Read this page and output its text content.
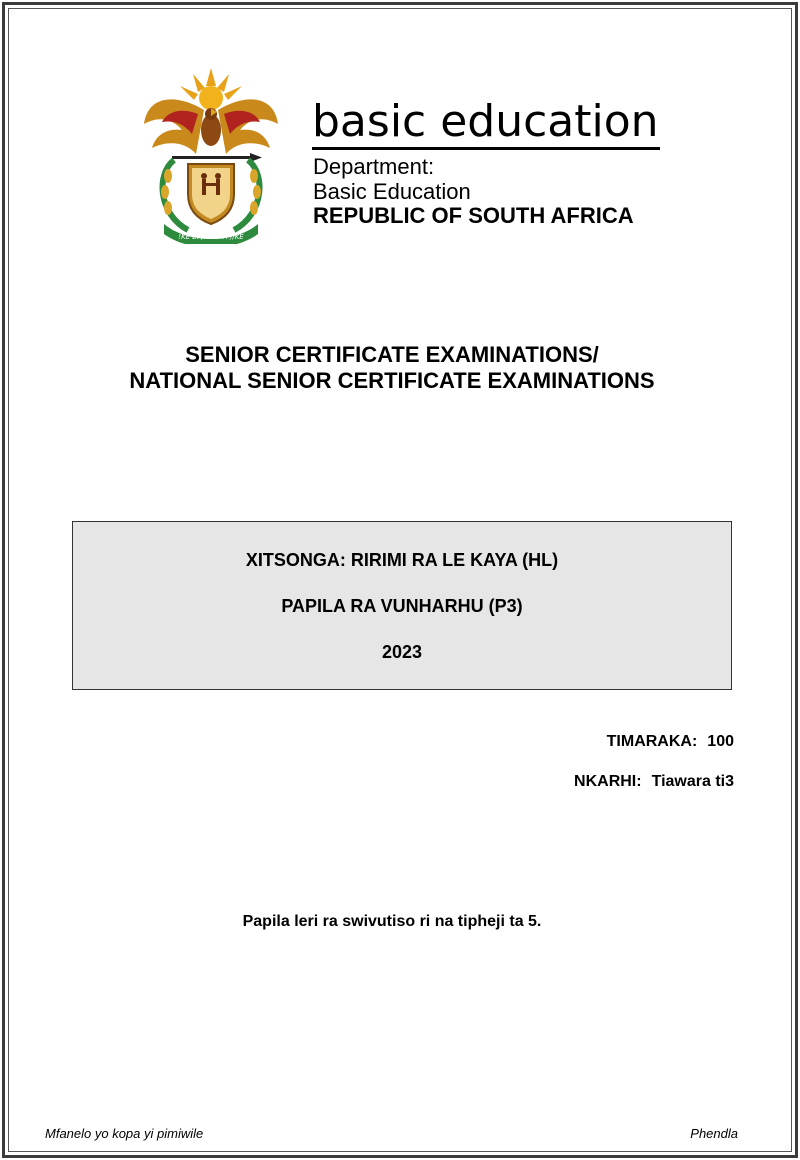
!KE E: /XARRA //KE
basic education
Department:
Basic Education
REPUBLIC OF SOUTH AFRICA
SENIOR CERTIFICATE EXAMINATIONS/
NATIONAL SENIOR CERTIFICATE EXAMINATIONS
XITSONGA: RIRIMI RA LE KAYA (HL)
PAPILA RA VUNHARHU (P3)
2023
TIMARAKA: 100
NKARHI: Tiawara ti3
Papila leri ra swivutiso ri na tipheji ta 5.
Mfanelo yo kopa yi pimiwile	Phendla
